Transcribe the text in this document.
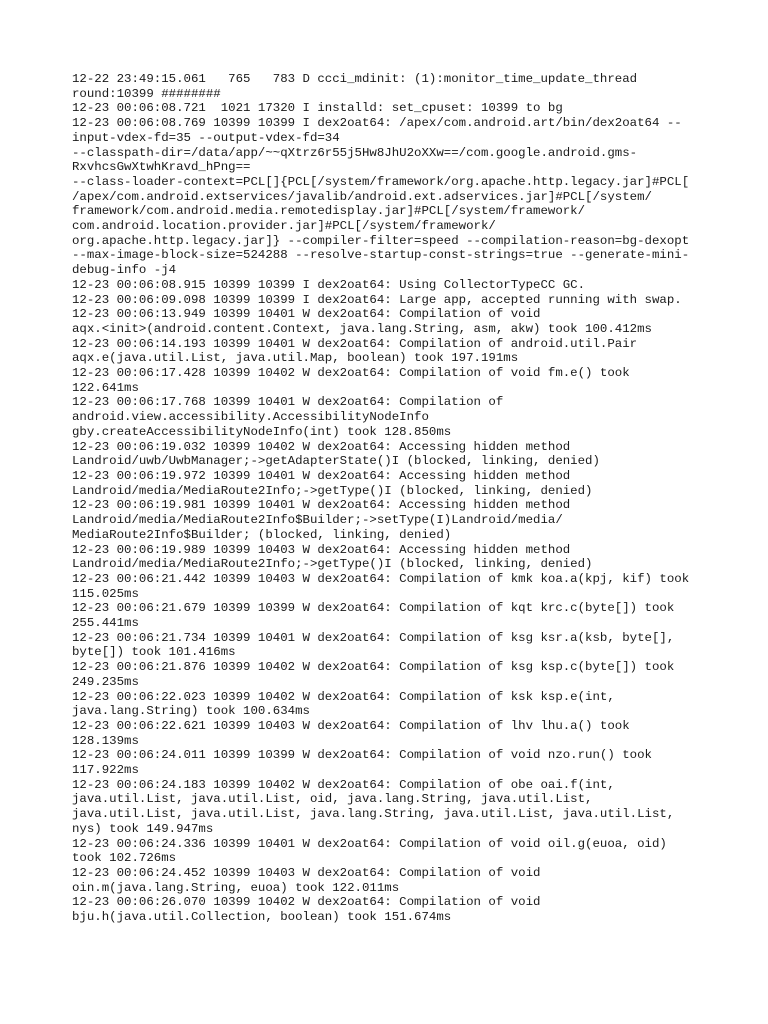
12-22 23:49:15.061   765   783 D ccci_mdinit: (1):monitor_time_update_thread
round:10399 ########
12-23 00:06:08.721  1021 17320 I installd: set_cpuset: 10399 to bg
12-23 00:06:08.769 10399 10399 I dex2oat64: /apex/com.android.art/bin/dex2oat64 --
input-vdex-fd=35 --output-vdex-fd=34
--classpath-dir=/data/app/~~qXtrz6r55j5Hw8JhU2oXXw==/com.google.android.gms-
RxvhcsGwXtwhKravd_hPng==
--class-loader-context=PCL[]{PCL[/system/framework/org.apache.http.legacy.jar]#PCL[
/apex/com.android.extservices/javalib/android.ext.adservices.jar]#PCL[/system/
framework/com.android.media.remotedisplay.jar]#PCL[/system/framework/
com.android.location.provider.jar]#PCL[/system/framework/
org.apache.http.legacy.jar]} --compiler-filter=speed --compilation-reason=bg-dexopt
--max-image-block-size=524288 --resolve-startup-const-strings=true --generate-mini-
debug-info -j4
12-23 00:06:08.915 10399 10399 I dex2oat64: Using CollectorTypeCC GC.
12-23 00:06:09.098 10399 10399 I dex2oat64: Large app, accepted running with swap.
12-23 00:06:13.949 10399 10401 W dex2oat64: Compilation of void
aqx.<init>(android.content.Context, java.lang.String, asm, akw) took 100.412ms
12-23 00:06:14.193 10399 10401 W dex2oat64: Compilation of android.util.Pair
aqx.e(java.util.List, java.util.Map, boolean) took 197.191ms
12-23 00:06:17.428 10399 10402 W dex2oat64: Compilation of void fm.e() took
122.641ms
12-23 00:06:17.768 10399 10401 W dex2oat64: Compilation of
android.view.accessibility.AccessibilityNodeInfo
gby.createAccessibilityNodeInfo(int) took 128.850ms
12-23 00:06:19.032 10399 10402 W dex2oat64: Accessing hidden method
Landroid/uwb/UwbManager;->getAdapterState()I (blocked, linking, denied)
12-23 00:06:19.972 10399 10401 W dex2oat64: Accessing hidden method
Landroid/media/MediaRoute2Info;->getType()I (blocked, linking, denied)
12-23 00:06:19.981 10399 10401 W dex2oat64: Accessing hidden method
Landroid/media/MediaRoute2Info$Builder;->setType(I)Landroid/media/
MediaRoute2Info$Builder; (blocked, linking, denied)
12-23 00:06:19.989 10399 10403 W dex2oat64: Accessing hidden method
Landroid/media/MediaRoute2Info;->getType()I (blocked, linking, denied)
12-23 00:06:21.442 10399 10403 W dex2oat64: Compilation of kmk koa.a(kpj, kif) took
115.025ms
12-23 00:06:21.679 10399 10399 W dex2oat64: Compilation of kqt krc.c(byte[]) took
255.441ms
12-23 00:06:21.734 10399 10401 W dex2oat64: Compilation of ksg ksr.a(ksb, byte[],
byte[]) took 101.416ms
12-23 00:06:21.876 10399 10402 W dex2oat64: Compilation of ksg ksp.c(byte[]) took
249.235ms
12-23 00:06:22.023 10399 10402 W dex2oat64: Compilation of ksk ksp.e(int,
java.lang.String) took 100.634ms
12-23 00:06:22.621 10399 10403 W dex2oat64: Compilation of lhv lhu.a() took
128.139ms
12-23 00:06:24.011 10399 10399 W dex2oat64: Compilation of void nzo.run() took
117.922ms
12-23 00:06:24.183 10399 10402 W dex2oat64: Compilation of obe oai.f(int,
java.util.List, java.util.List, oid, java.lang.String, java.util.List,
java.util.List, java.util.List, java.lang.String, java.util.List, java.util.List,
nys) took 149.947ms
12-23 00:06:24.336 10399 10401 W dex2oat64: Compilation of void oil.g(euoa, oid)
took 102.726ms
12-23 00:06:24.452 10399 10403 W dex2oat64: Compilation of void
oin.m(java.lang.String, euoa) took 122.011ms
12-23 00:06:26.070 10399 10402 W dex2oat64: Compilation of void
bju.h(java.util.Collection, boolean) took 151.674ms
